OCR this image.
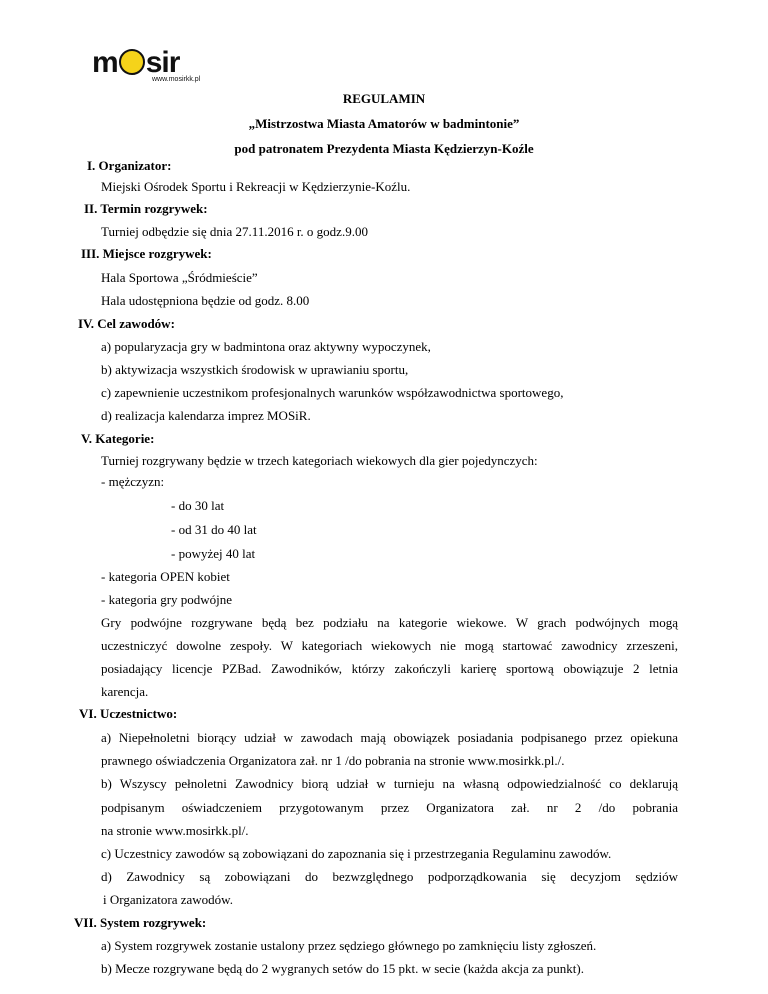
m sir
www.mosirkk.pl
REGULAMIN
„Mistrzostwa Miasta Amatorów w badmintonie”
pod patronatem Prezydenta Miasta Kędzierzyn-Koźle
I. Organizator:
Miejski Ośrodek Sportu i Rekreacji w Kędzierzynie-Koźlu.
II. Termin rozgrywek:
Turniej odbędzie się dnia 27.11.2016 r. o godz.9.00
III. Miejsce rozgrywek:
Hala Sportowa „Śródmieście”
Hala udostępniona będzie od godz. 8.00
IV. Cel zawodów:
a) popularyzacja gry w badmintona oraz aktywny wypoczynek,
b) aktywizacja wszystkich środowisk w uprawianiu sportu,
c) zapewnienie uczestnikom profesjonalnych warunków współzawodnictwa sportowego,
d) realizacja kalendarza imprez MOSiR.
V. Kategorie:
Turniej rozgrywany będzie w trzech kategoriach wiekowych dla gier pojedynczych:
- mężczyzn:
- do 30 lat
- od 31 do 40 lat
- powyżej 40 lat
- kategoria OPEN kobiet
- kategoria gry podwójne
Gry podwójne rozgrywane będą bez podziału na kategorie wiekowe. W grach podwójnych mogą
uczestniczyć dowolne zespoły. W kategoriach wiekowych nie mogą startować zawodnicy zrzeszeni,
posiadający licencje PZBad. Zawodników, którzy zakończyli karierę sportową obowiązuje 2 letnia
karencja.
VI. Uczestnictwo:
a) Niepełnoletni biorący udział w zawodach mają obowiązek posiadania podpisanego przez opiekuna
prawnego oświadczenia Organizatora zał. nr 1 /do pobrania na stronie www.mosirkk.pl./.
b) Wszyscy pełnoletni Zawodnicy biorą udział w turnieju na własną odpowiedzialność co deklarują
podpisanym oświadczeniem przygotowanym przez Organizatora zał. nr 2 /do pobrania
na stronie www.mosirkk.pl/.
c) Uczestnicy zawodów są zobowiązani do zapoznania się i przestrzegania Regulaminu zawodów.
d) Zawodnicy są zobowiązani do bezwzględnego podporządkowania się decyzjom sędziów
i Organizatora zawodów.
VII. System rozgrywek:
a) System rozgrywek zostanie ustalony przez sędziego głównego po zamknięciu listy zgłoszeń.
b) Mecze rozgrywane będą do 2 wygranych setów do 15 pkt. w secie (każda akcja za punkt).
